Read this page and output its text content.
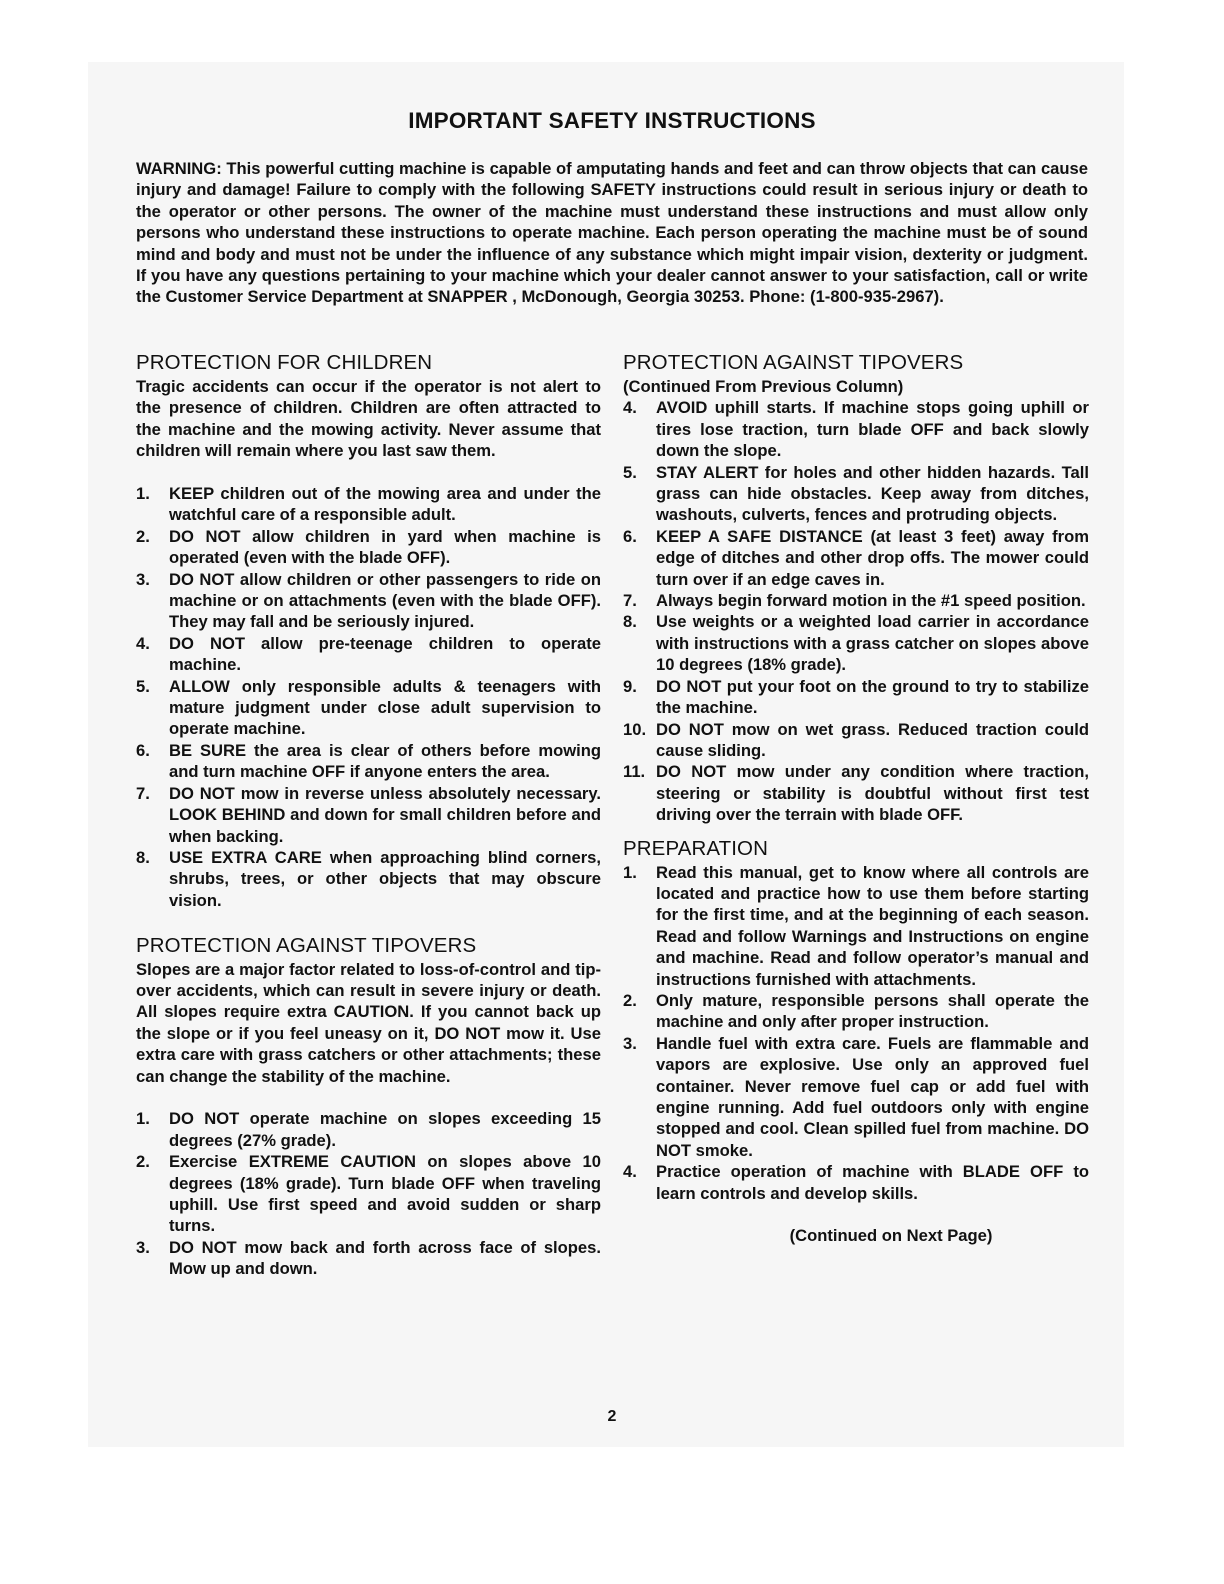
IMPORTANT SAFETY INSTRUCTIONS
WARNING: This powerful cutting machine is capable of amputating hands and feet and can throw objects that can cause injury and damage! Failure to comply with the following SAFETY instructions could result in serious injury or death to the operator or other persons. The owner of the machine must understand these instructions and must allow only persons who understand these instructions to operate machine. Each person operating the machine must be of sound mind and body and must not be under the influence of any substance which might impair vision, dexterity or judgment. If you have any questions pertaining to your machine which your dealer cannot answer to your satisfaction, call or write the Customer Service Department at SNAPPER , McDonough, Georgia 30253. Phone: (1-800-935-2967).
PROTECTION FOR CHILDREN
Tragic accidents can occur if the operator is not alert to the presence of children. Children are often attracted to the machine and the mowing activity. Never assume that children will remain where you last saw them.
1. KEEP children out of the mowing area and under the watchful care of a responsible adult.
2. DO NOT allow children in yard when machine is operated (even with the blade OFF).
3. DO NOT allow children or other passengers to ride on machine or on attachments (even with the blade OFF). They may fall and be seriously injured.
4. DO NOT allow pre-teenage children to operate machine.
5. ALLOW only responsible adults & teenagers with mature judgment under close adult supervision to operate machine.
6. BE SURE the area is clear of others before mowing and turn machine OFF if anyone enters the area.
7. DO NOT mow in reverse unless absolutely necessary. LOOK BEHIND and down for small children before and when backing.
8. USE EXTRA CARE when approaching blind corners, shrubs, trees, or other objects that may obscure vision.
PROTECTION AGAINST TIPOVERS
Slopes are a major factor related to loss-of-control and tip-over accidents, which can result in severe injury or death. All slopes require extra CAUTION. If you cannot back up the slope or if you feel uneasy on it, DO NOT mow it. Use extra care with grass catchers or other attachments; these can change the stability of the machine.
1. DO NOT operate machine on slopes exceeding 15 degrees (27% grade).
2. Exercise EXTREME CAUTION on slopes above 10 degrees (18% grade). Turn blade OFF when traveling uphill. Use first speed and avoid sudden or sharp turns.
3. DO NOT mow back and forth across face of slopes. Mow up and down.
PROTECTION AGAINST TIPOVERS
(Continued From Previous Column)
4. AVOID uphill starts. If machine stops going uphill or tires lose traction, turn blade OFF and back slowly down the slope.
5. STAY ALERT for holes and other hidden hazards. Tall grass can hide obstacles. Keep away from ditches, washouts, culverts, fences and protruding objects.
6. KEEP A SAFE DISTANCE (at least 3 feet) away from edge of ditches and other drop offs. The mower could turn over if an edge caves in.
7. Always begin forward motion in the #1 speed position.
8. Use weights or a weighted load carrier in accordance with instructions with a grass catcher on slopes above 10 degrees (18% grade).
9. DO NOT put your foot on the ground to try to stabilize the machine.
10. DO NOT mow on wet grass. Reduced traction could cause sliding.
11. DO NOT mow under any condition where traction, steering or stability is doubtful without first test driving over the terrain with blade OFF.
PREPARATION
1. Read this manual, get to know where all controls are located and practice how to use them before starting for the first time, and at the beginning of each season. Read and follow Warnings and Instructions on engine and machine. Read and follow operator’s manual and instructions furnished with attachments.
2. Only mature, responsible persons shall operate the machine and only after proper instruction.
3. Handle fuel with extra care. Fuels are flammable and vapors are explosive. Use only an approved fuel container. Never remove fuel cap or add fuel with engine running. Add fuel outdoors only with engine stopped and cool. Clean spilled fuel from machine. DO NOT smoke.
4. Practice operation of machine with BLADE OFF to learn controls and develop skills.
(Continued on Next Page)
2
